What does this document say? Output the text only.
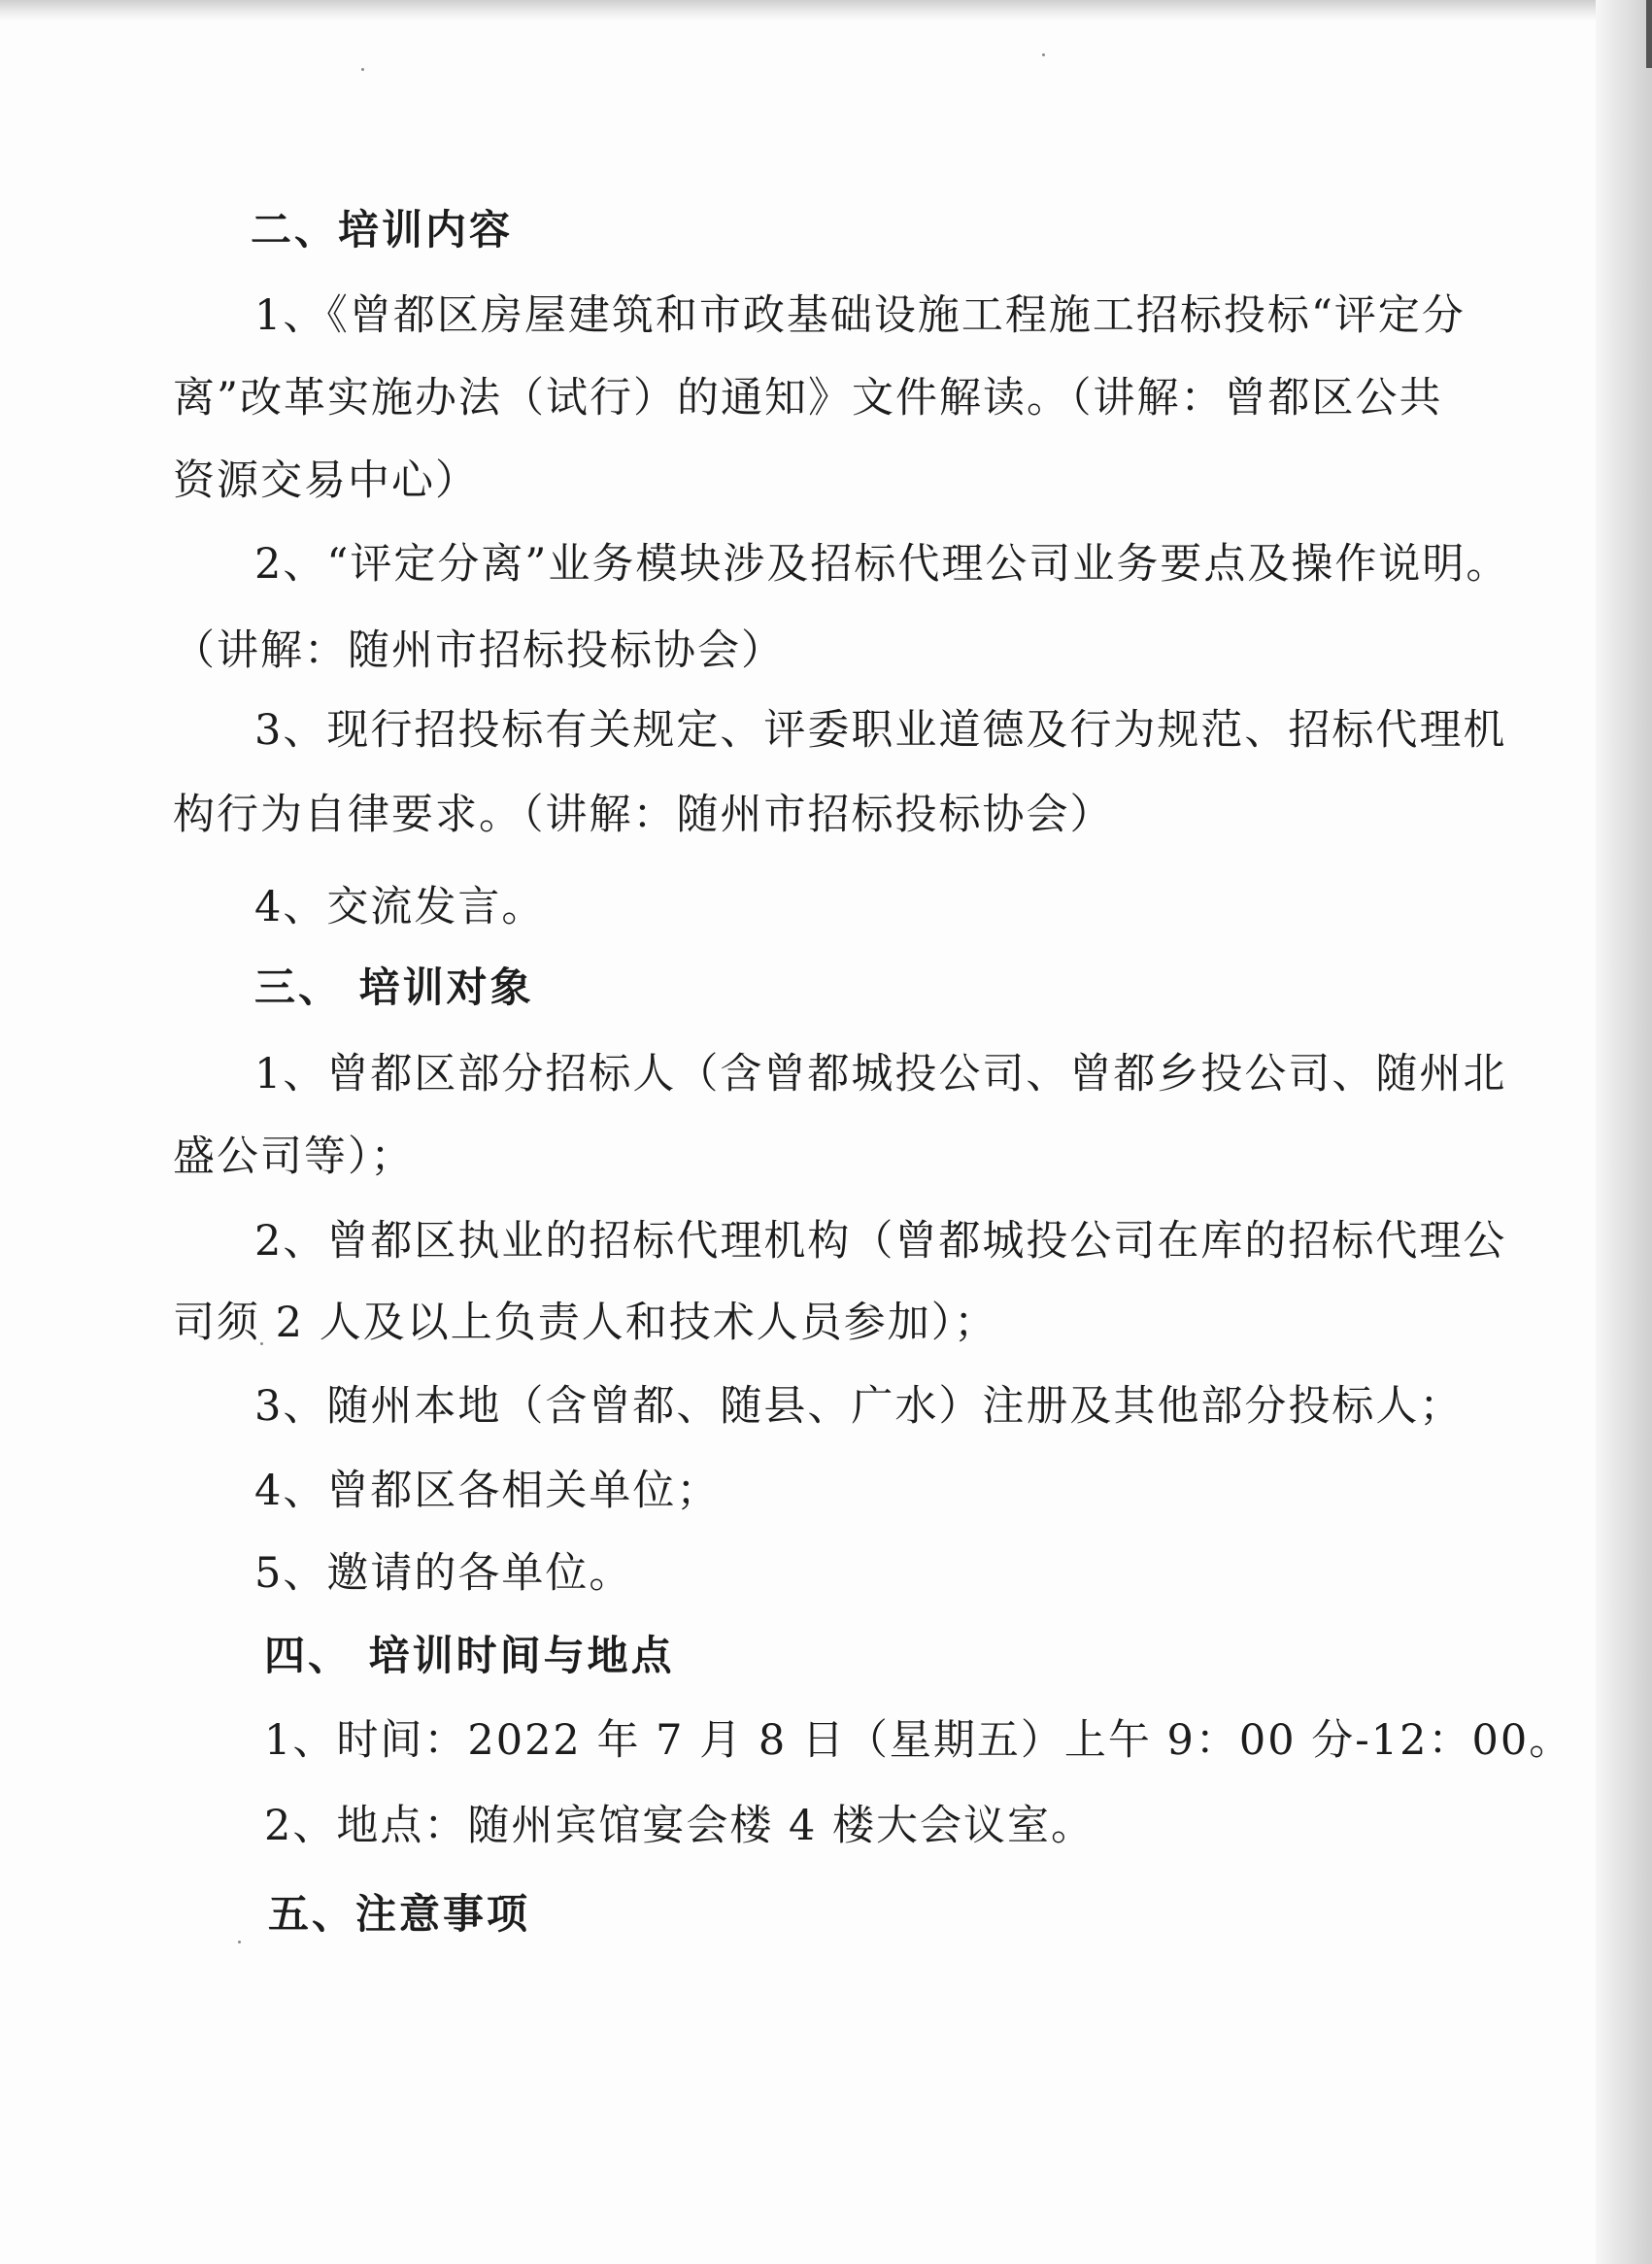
二、培训内容
1、《曾都区房屋建筑和市政基础设施工程施工招标投标“评定分
离”改革实施办法（试行）的通知》文件解读。（讲解：曾都区公共
资源交易中心）
2、“评定分离”业务模块涉及招标代理公司业务要点及操作说明。
（讲解：随州市招标投标协会）
3、现行招投标有关规定、评委职业道德及行为规范、招标代理机
构行为自律要求。（讲解：随州市招标投标协会）
4、交流发言。
三、 培训对象
1、曾都区部分招标人（含曾都城投公司、曾都乡投公司、随州北
盛公司等）；
2、曾都区执业的招标代理机构（曾都城投公司在库的招标代理公
司须 2 人及以上负责人和技术人员参加）；
3、随州本地（含曾都、随县、广水）注册及其他部分投标人；
4、曾都区各相关单位；
5、邀请的各单位。
四、 培训时间与地点
1、时间：2022 年 7 月 8 日（星期五）上午 9：00 分-12：00。
2、地点：随州宾馆宴会楼 4 楼大会议室。
五、注意事项
